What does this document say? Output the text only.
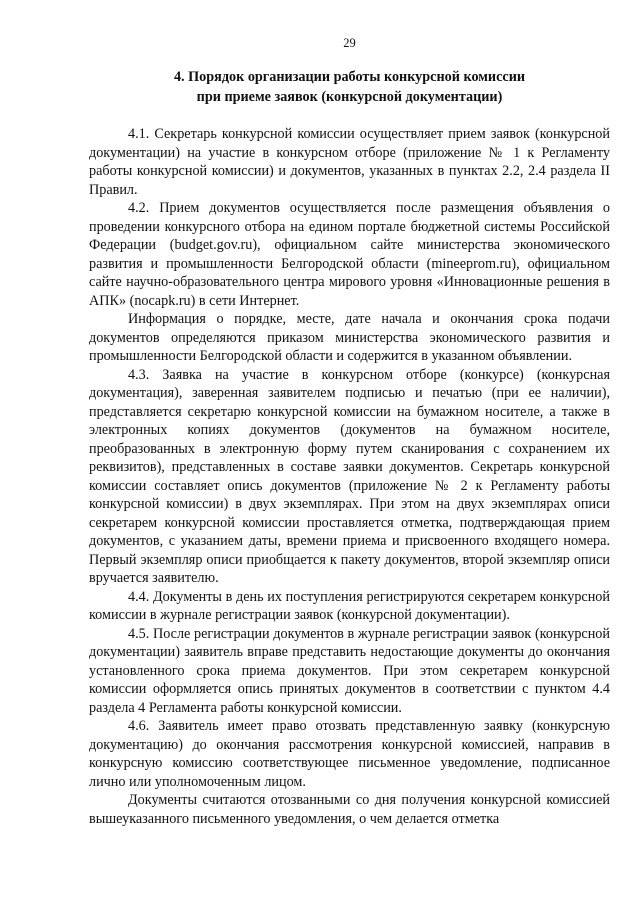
29
4. Порядок организации работы конкурсной комиссии
при приеме заявок (конкурсной документации)

4.1. Секретарь конкурсной комиссии осуществляет прием заявок (конкурсной документации) на участие в конкурсном отборе (приложение № 1 к Регламенту работы конкурсной комиссии) и документов, указанных в пунктах 2.2, 2.4 раздела II Правил.

4.2. Прием документов осуществляется после размещения объявления о проведении конкурсного отбора на едином портале бюджетной системы Российской Федерации (budget.gov.ru), официальном сайте министерства экономического развития и промышленности Белгородской области (mineeprom.ru), официальном сайте научно-образовательного центра мирового уровня «Инновационные решения в АПК» (nocapk.ru) в сети Интернет.

Информация о порядке, месте, дате начала и окончания срока подачи документов определяются приказом министерства экономического развития и промышленности Белгородской области и содержится в указанном объявлении.

4.3. Заявка на участие в конкурсном отборе (конкурсе) (конкурсная документация), заверенная заявителем подписью и печатью (при ее наличии), представляется секретарю конкурсной комиссии на бумажном носителе, а также в электронных копиях документов (документов на бумажном носителе, преобразованных в электронную форму путем сканирования с сохранением их реквизитов), представленных в составе заявки документов. Секретарь конкурсной комиссии составляет опись документов (приложение № 2 к Регламенту работы конкурсной комиссии) в двух экземплярах. При этом на двух экземплярах описи секретарем конкурсной комиссии проставляется отметка, подтверждающая прием документов, с указанием даты, времени приема и присвоенного входящего номера. Первый экземпляр описи приобщается к пакету документов, второй экземпляр описи вручается заявителю.

4.4. Документы в день их поступления регистрируются секретарем конкурсной комиссии в журнале регистрации заявок (конкурсной документации).

4.5. После регистрации документов в журнале регистрации заявок (конкурсной документации) заявитель вправе представить недостающие документы до окончания установленного срока приема документов. При этом секретарем конкурсной комиссии оформляется опись принятых документов в соответствии с пунктом 4.4 раздела 4 Регламента работы конкурсной комиссии.

4.6. Заявитель имеет право отозвать представленную заявку (конкурсную документацию) до окончания рассмотрения конкурсной комиссией, направив в конкурсную комиссию соответствующее письменное уведомление, подписанное лично или уполномоченным лицом.

Документы считаются отозванными со дня получения конкурсной комиссией вышеуказанного письменного уведомления, о чем делается отметка
